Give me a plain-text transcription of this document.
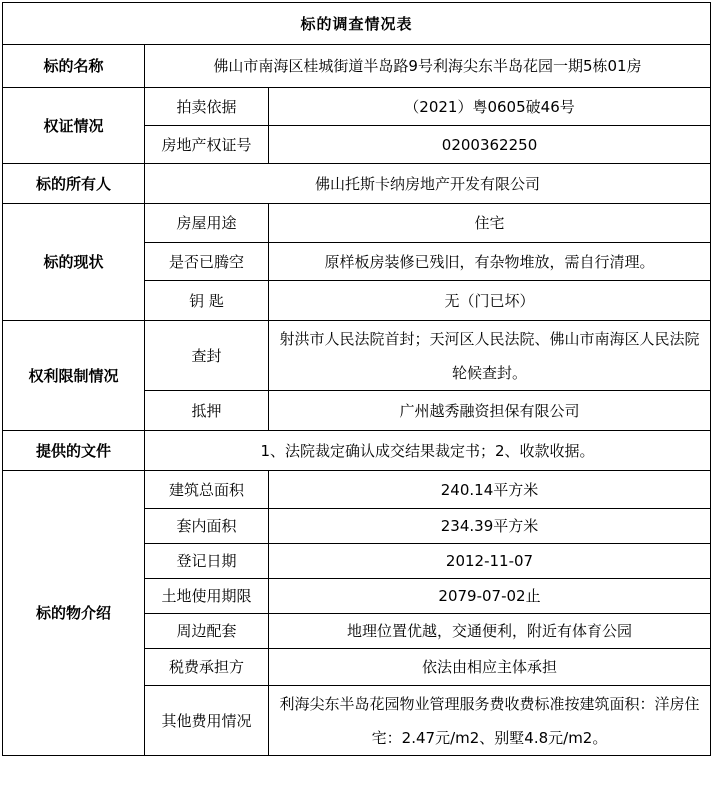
标的调查情况表		
标的名称	佛山市南海区桂城街道半岛路9号利海尖东半岛花园一期5栋01房	
权证情况	拍卖依据	（2021）粤0605破46号
	房地产权证号	0200362250
标的所有人	佛山托斯卡纳房地产开发有限公司	
标的现状	房屋用途	住宅
	是否已腾空	原样板房装修已残旧，有杂物堆放，需自行清理。
	钥 匙	无（门已坏）
权利限制情况	查封	射洪市人民法院首封；天河区人民法院、佛山市南海区人民法院轮候查封。
	抵押	广州越秀融资担保有限公司
提供的文件	1、法院裁定确认成交结果裁定书；2、收款收据。	
标的物介绍	建筑总面积	240.14平方米
	套内面积	234.39平方米
	登记日期	2012-11-07
	土地使用期限	2079-07-02止
	周边配套	地理位置优越，交通便利，附近有体育公园
	税费承担方	依法由相应主体承担
	其他费用情况	利海尖东半岛花园物业管理服务费收费标准按建筑面积：洋房住宅：2.47元/m2、别墅4.8元/m2。
